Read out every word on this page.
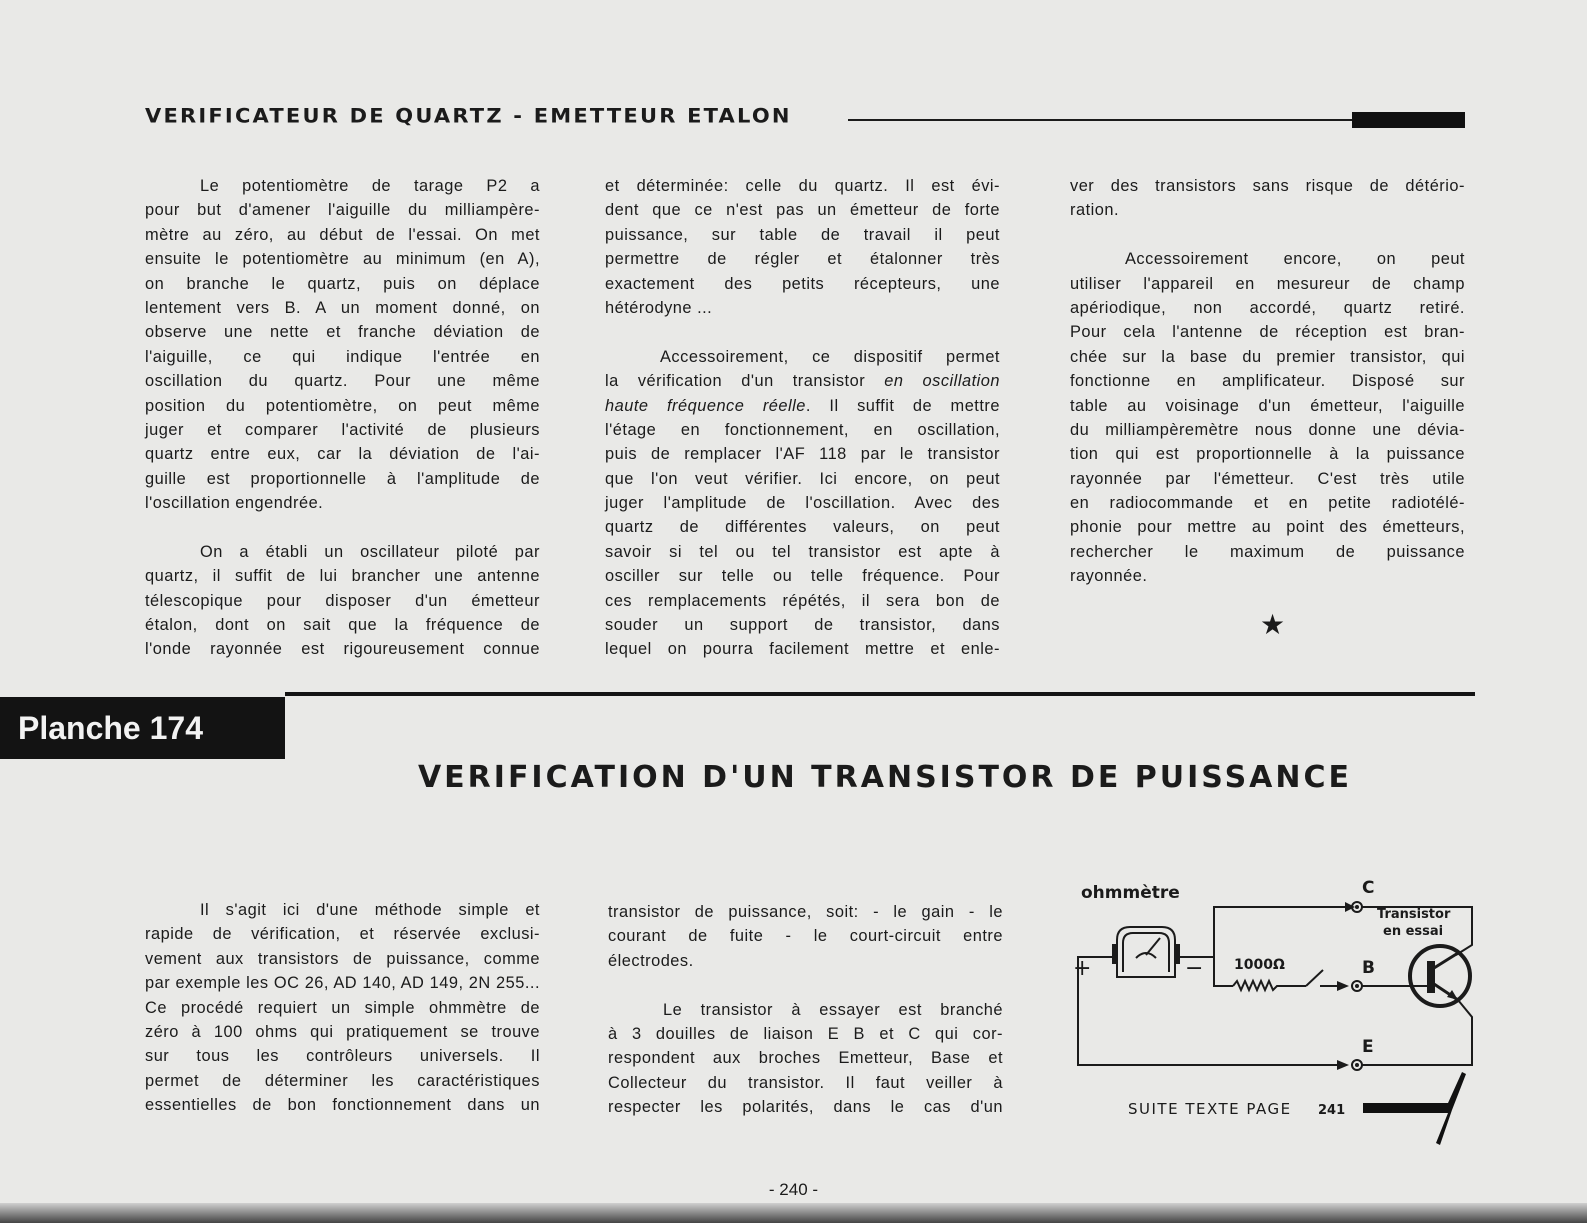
VERIFICATEUR DE QUARTZ - EMETTEUR ETALON
Le potentiomètre de tarage P2 a
pour but d'amener l'aiguille du milliampère-
mètre au zéro, au début de l'essai. On met
ensuite le potentiomètre au minimum (en A),
on branche le quartz, puis on déplace
lentement vers B. A un moment donné, on
observe une nette et franche déviation de
l'aiguille, ce qui indique l'entrée en
oscillation du quartz. Pour une même
position du potentiomètre, on peut même
juger et comparer l'activité de plusieurs
quartz entre eux, car la déviation de l'ai-
guille est proportionnelle à l'amplitude de
l'oscillation engendrée.
On a établi un oscillateur piloté par
quartz, il suffit de lui brancher une antenne
télescopique pour disposer d'un émetteur
étalon, dont on sait que la fréquence de
l'onde rayonnée est rigoureusement connue
et déterminée: celle du quartz. Il est évi-
dent que ce n'est pas un émetteur de forte
puissance, sur table de travail il peut
permettre de régler et étalonner très
exactement des petits récepteurs, une
hétérodyne ...
Accessoirement, ce dispositif permet
la vérification d'un transistor en oscillation
haute fréquence réelle. Il suffit de mettre
l'étage en fonctionnement, en oscillation,
puis de remplacer l'AF 118 par le transistor
que l'on veut vérifier. Ici encore, on peut
juger l'amplitude de l'oscillation. Avec des
quartz de différentes valeurs, on peut
savoir si tel ou tel transistor est apte à
osciller sur telle ou telle fréquence. Pour
ces remplacements répétés, il sera bon de
souder un support de transistor, dans
lequel on pourra facilement mettre et enle-
ver des transistors sans risque de détério-
ration.
Accessoirement encore, on peut
utiliser l'appareil en mesureur de champ
apériodique, non accordé, quartz retiré.
Pour cela l'antenne de réception est bran-
chée sur la base du premier transistor, qui
fonctionne en amplificateur. Disposé sur
table au voisinage d'un émetteur, l'aiguille
du milliampèremètre nous donne une dévia-
tion qui est proportionnelle à la puissance
rayonnée par l'émetteur. C'est très utile
en radiocommande et en petite radiotélé-
phonie pour mettre au point des émetteurs,
rechercher le maximum de puissance
rayonnée.
★
Planche 174
VERIFICATION D'UN TRANSISTOR DE PUISSANCE
Il s'agit ici d'une méthode simple et
rapide de vérification, et réservée exclusi-
vement aux transistors de puissance, comme
par exemple les OC 26, AD 140, AD 149, 2N 255...
Ce procédé requiert un simple ohmmètre de
zéro à 100 ohms qui pratiquement se trouve
sur tous les contrôleurs universels. Il
permet de déterminer les caractéristiques
essentielles de bon fonctionnement dans un
transistor de puissance, soit: - le gain - le
courant de fuite - le court-circuit entre
électrodes.
Le transistor à essayer est branché
à 3 douilles de liaison E B et C qui cor-
respondent aux broches Emetteur, Base et
Collecteur du transistor. Il faut veiller à
respecter les polarités, dans le cas d'un
ohmmètre
+	− 1000Ω
C
B
E
Transistor
en essai
SUITE TEXTE PAGE 241
- 240 -
